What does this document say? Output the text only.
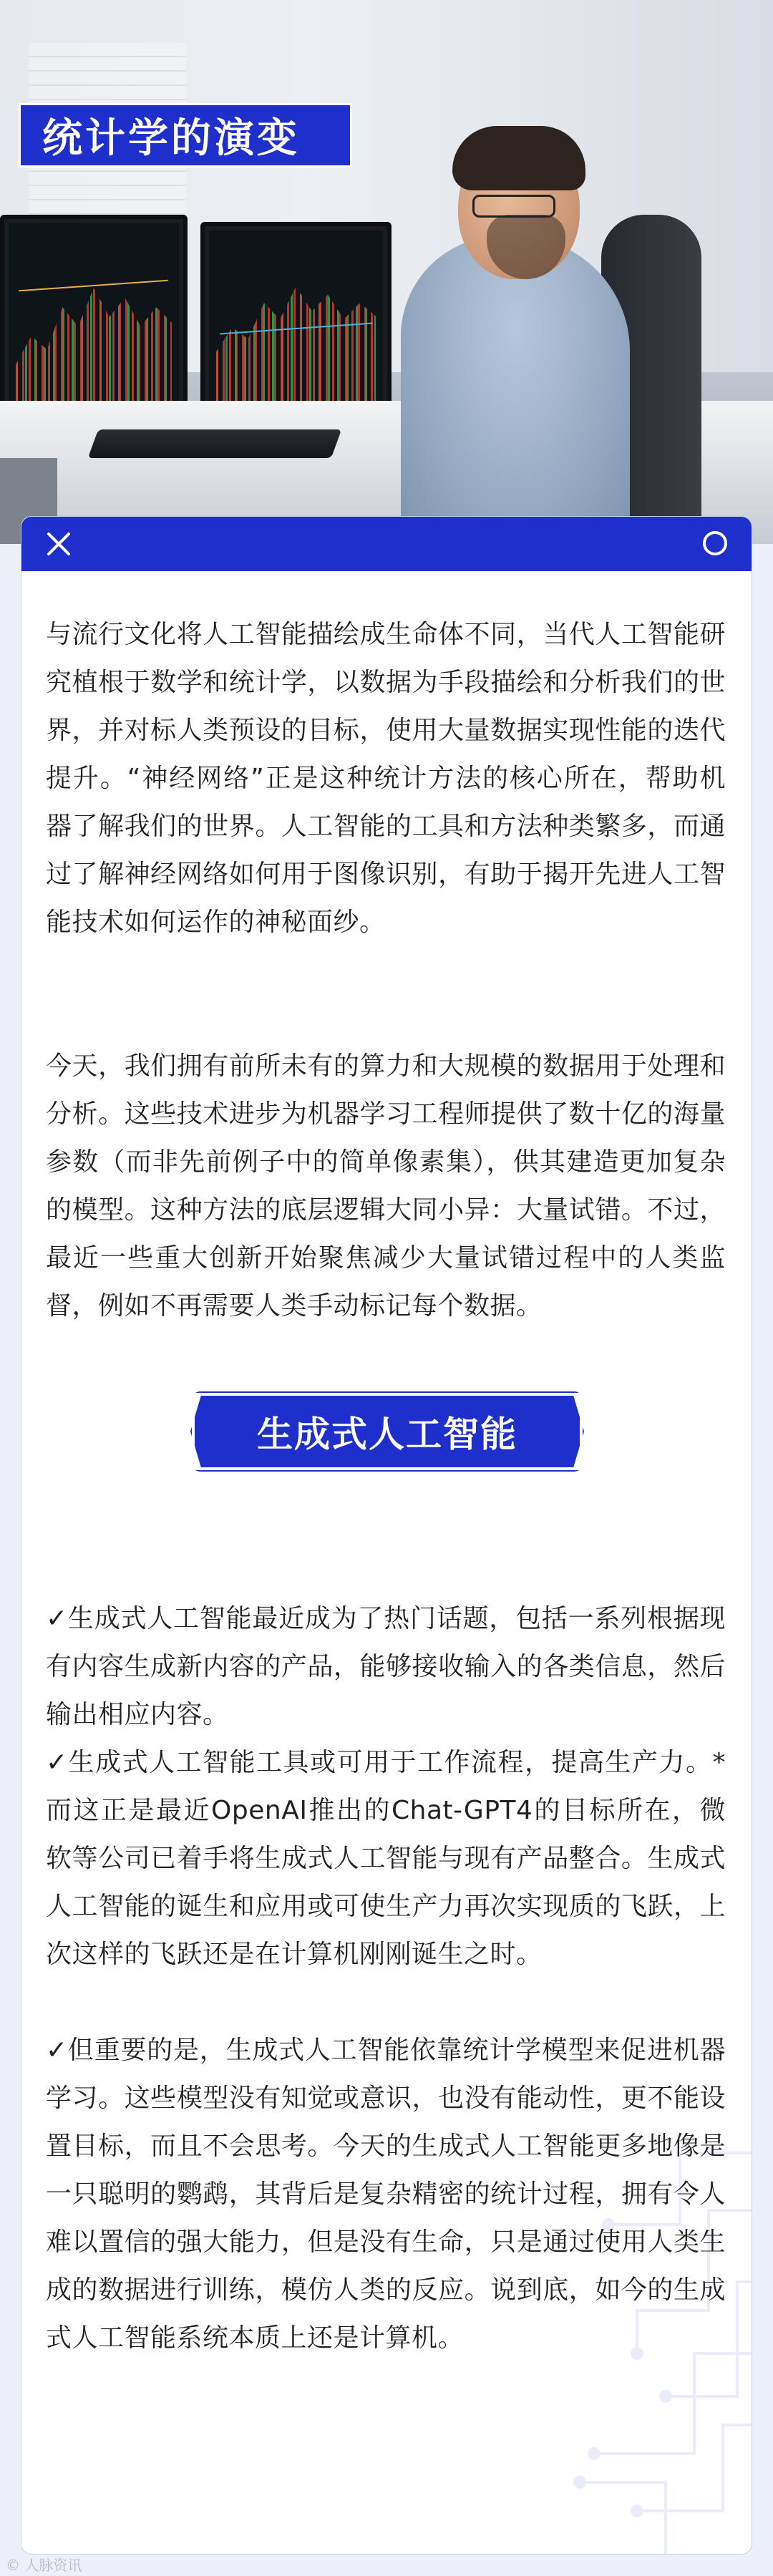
统计学的演变
与流行文化将人工智能描绘成生命体不同，当代人工智能研究植根于数学和统计学，以数据为手段描绘和分析我们的世界，并对标人类预设的目标，使用大量数据实现性能的迭代提升。“神经网络”正是这种统计方法的核心所在，帮助机器了解我们的世界。人工智能的工具和方法种类繁多，而通过了解神经网络如何用于图像识别，有助于揭开先进人工智能技术如何运作的神秘面纱。
今天，我们拥有前所未有的算力和大规模的数据用于处理和分析。这些技术进步为机器学习工程师提供了数十亿的海量参数（而非先前例子中的简单像素集），供其建造更加复杂的模型。这种方法的底层逻辑大同小异：大量试错。不过，最近一些重大创新开始聚焦减少大量试错过程中的人类监督，例如不再需要人类手动标记每个数据。
生成式人工智能
✓生成式人工智能最近成为了热门话题，包括一系列根据现有内容生成新内容的产品，能够接收输入的各类信息，然后输出相应内容。
✓生成式人工智能工具或可用于工作流程，提高生产力。*而这正是最近OpenAI推出的Chat-GPT4的目标所在，微软等公司已着手将生成式人工智能与现有产品整合。生成式人工智能的诞生和应用或可使生产力再次实现质的飞跃，上次这样的飞跃还是在计算机刚刚诞生之时。
✓但重要的是，生成式人工智能依靠统计学模型来促进机器学习。这些模型没有知觉或意识，也没有能动性，更不能设置目标，而且不会思考。今天的生成式人工智能更多地像是一只聪明的鹦鹉，其背后是复杂精密的统计过程，拥有令人难以置信的强大能力，但是没有生命，只是通过使用人类生成的数据进行训练，模仿人类的反应。说到底，如今的生成式人工智能系统本质上还是计算机。
© 人脉资讯
